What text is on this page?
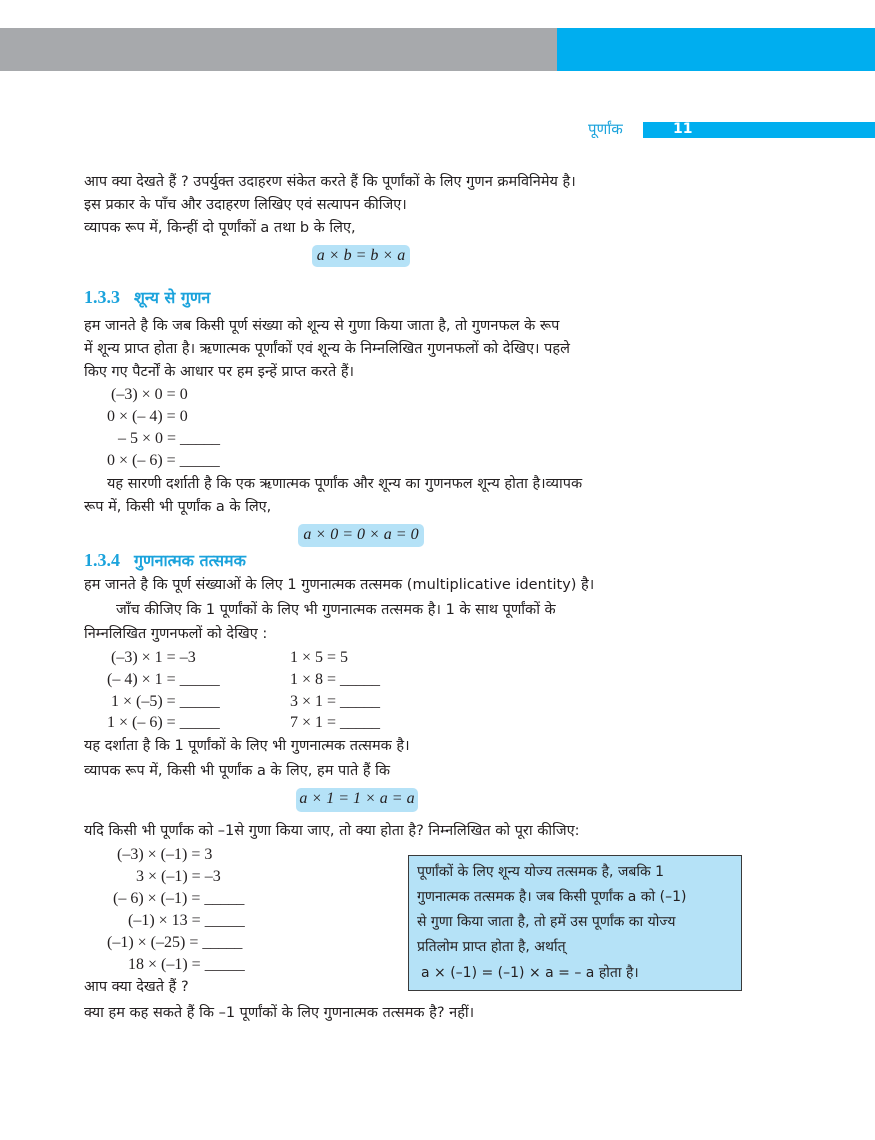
पूर्णांक	11
आप क्या देखते हैं ? उपर्युक्त उदाहरण संकेत करते हैं कि पूर्णांकों के लिए गुणन क्रमविनिमेय है।
इस प्रकार के पाँच और उदाहरण लिखिए एवं सत्यापन कीजिए।
व्यापक रूप में, किन्हीं दो पूर्णांकों a तथा b के लिए,
a × b = b × a
1.3.3 शून्य से गुणन
हम जानते है कि जब किसी पूर्ण संख्या को शून्य से गुणा किया जाता है, तो गुणनफल के रूप
में शून्य प्राप्त होता है। ऋणात्मक पूर्णांकों एवं शून्य के निम्नलिखित गुणनफलों को देखिए। पहले
किए गए पैटर्नों के आधार पर हम इन्हें प्राप्त करते हैं।
(–3) × 0 = 0
0 × (– 4) = 0
– 5 × 0 = _____
0 × (– 6) = _____
यह सारणी दर्शाती है कि एक ऋणात्मक पूर्णांक और शून्य का गुणनफल शून्य होता है।व्यापक
रूप में, किसी भी पूर्णांक a के लिए,
a × 0 = 0 × a = 0
1.3.4 गुणनात्मक तत्समक
हम जानते है कि पूर्ण संख्याओं के लिए 1 गुणनात्मक तत्समक (multiplicative identity) है।
जाँच कीजिए कि 1 पूर्णांकों के लिए भी गुणनात्मक तत्समक है। 1 के साथ पूर्णांकों के
निम्नलिखित गुणनफलों को देखिए :
(–3) × 1 = –3
(– 4) × 1 = _____
1 × (–5) = _____
1 × (– 6) = _____
1 × 5 = 5
1 × 8 = _____
3 × 1 = _____
7 × 1 = _____
यह दर्शाता है कि 1 पूर्णांकों के लिए भी गुणनात्मक तत्समक है।
व्यापक रूप में, किसी भी पूर्णांक a के लिए, हम पाते हैं कि
a × 1 = 1 × a = a
यदि किसी भी पूर्णांक को –1से गुणा किया जाए, तो क्या होता है? निम्नलिखित को पूरा कीजिए:
(–3) × (–1) = 3
3 × (–1) = –3
(– 6) × (–1) = _____
(–1) × 13 = _____
(–1) × (–25) = _____
18 × (–1) = _____
आप क्या देखते हैं ?
क्या हम कह सकते हैं कि –1 पूर्णांकों के लिए गुणनात्मक तत्समक है? नहीं।
पूर्णांकों के लिए शून्य योज्य तत्समक है, जबकि 1
गुणनात्मक तत्समक है। जब किसी पूर्णांक a को (–1)
से गुणा किया जाता है, तो हमें उस पूर्णांक का योज्य
प्रतिलोम प्राप्त होता है, अर्थात्
a × (–1) = (–1) × a = – a होता है।
